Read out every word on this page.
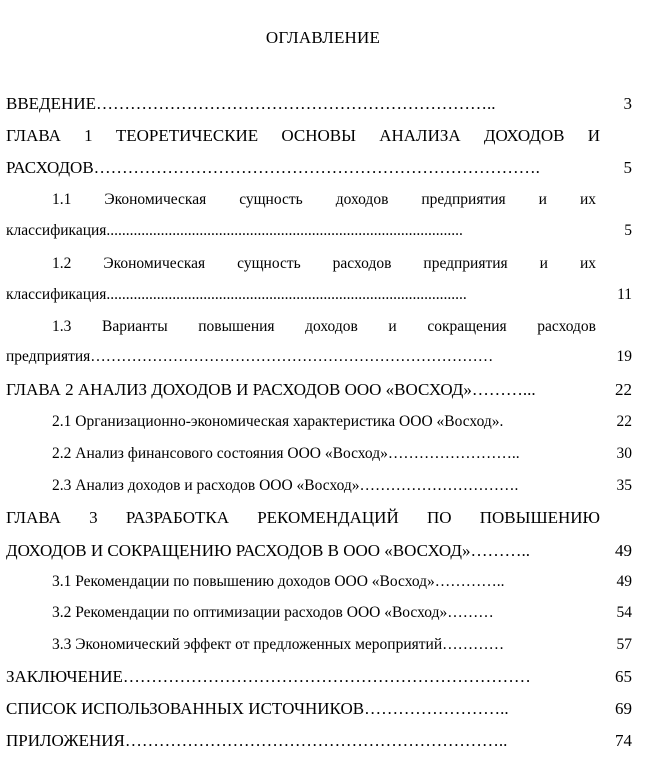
ОГЛАВЛЕНИЕ
ВВЕДЕНИЕ……………………………………………………………..	3
ГЛАВА 1 ТЕОРЕТИЧЕСКИЕ ОСНОВЫ АНАЛИЗА ДОХОДОВ И
РАСХОДОВ…………………………………………………………………….	5
1.1 Экономическая сущность доходов предприятия и их
классификация............................................................................................	5
1.2 Экономическая сущность расходов предприятия и их
классификация.............................................................................................	11
1.3 Варианты повышения доходов и сокращения расходов
предприятия……………………………………………………………………	19
ГЛАВА 2 АНАЛИЗ ДОХОДОВ И РАСХОДОВ ООО «ВОСХОД»………...	22
2.1 Организационно-экономическая характеристика ООО «Восход».	22
2.2 Анализ финансового состояния ООО «Восход»……………………..	30
2.3 Анализ доходов и расходов ООО «Восход»………………………….	35
ГЛАВА 3 РАЗРАБОТКА РЕКОМЕНДАЦИЙ ПО ПОВЫШЕНИЮ
ДОХОДОВ И СОКРАЩЕНИЮ РАСХОДОВ В ООО «ВОСХОД»………..	49
3.1 Рекомендации по повышению доходов ООО «Восход»…………..	49
3.2 Рекомендации по оптимизации расходов ООО «Восход»………	54
3.3 Экономический эффект от предложенных мероприятий…………	57
ЗАКЛЮЧЕНИЕ………………………………………………………………	65
СПИСОК ИСПОЛЬЗОВАННЫХ ИСТОЧНИКОВ……………………..	69
ПРИЛОЖЕНИЯ…………………………………………………………..	74
